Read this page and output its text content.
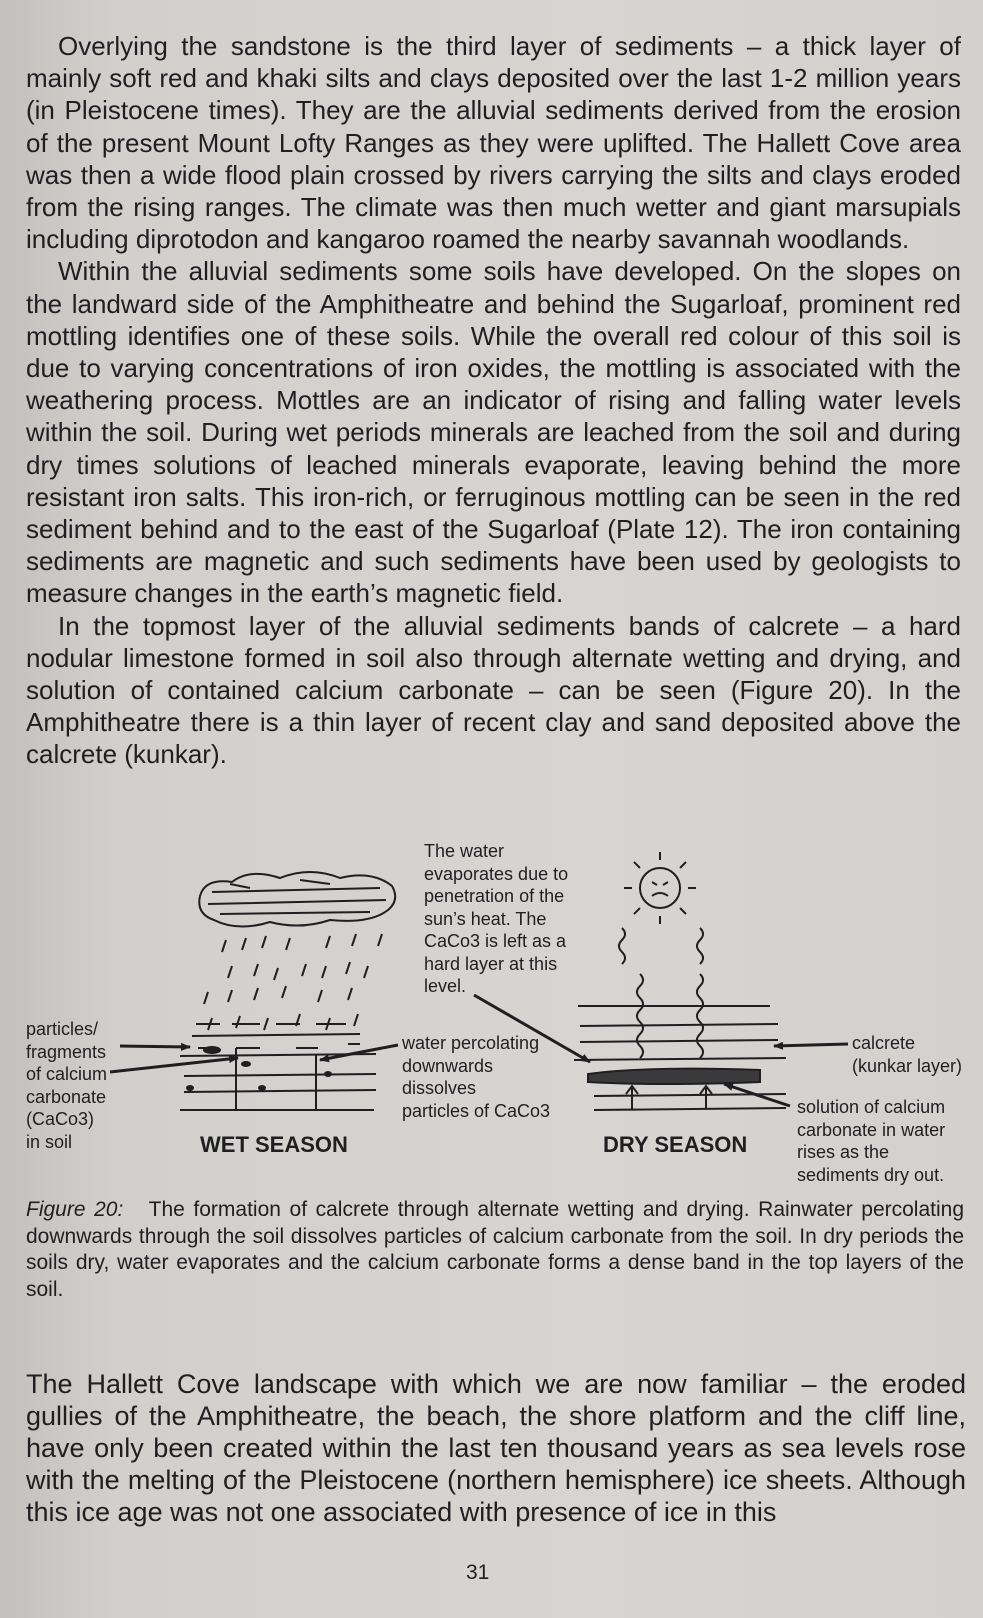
Overlying the sandstone is the third layer of sediments – a thick layer of mainly soft red and khaki silts and clays deposited over the last 1-2 million years (in Pleistocene times). They are the alluvial sediments derived from the erosion of the present Mount Lofty Ranges as they were uplifted. The Hallett Cove area was then a wide flood plain crossed by rivers carrying the silts and clays eroded from the rising ranges. The climate was then much wetter and giant marsupials including diprotodon and kangaroo roamed the nearby savannah woodlands.

Within the alluvial sediments some soils have developed. On the slopes on the landward side of the Amphitheatre and behind the Sugarloaf, prominent red mottling identifies one of these soils. While the overall red colour of this soil is due to varying concentrations of iron oxides, the mottling is associated with the weathering process. Mottles are an indicator of rising and falling water levels within the soil. During wet periods minerals are leached from the soil and during dry times solutions of leached minerals evaporate, leaving behind the more resistant iron salts. This iron-rich, or ferruginous mottling can be seen in the red sediment behind and to the east of the Sugarloaf (Plate 12). The iron containing sediments are magnetic and such sediments have been used by geologists to measure changes in the earth’s magnetic field.

In the topmost layer of the alluvial sediments bands of calcrete – a hard nodular limestone formed in soil also through alternate wetting and drying, and solution of contained calcium carbonate – can be seen (Figure 20). In the Amphitheatre there is a thin layer of recent clay and sand deposited above the calcrete (kunkar).

particles/
fragments
of calcium
carbonate
(CaCo3)
in soil
The water
evaporates due to
penetration of the
sun’s heat. The
CaCo3 is left as a
hard layer at this
level.
water percolating
downwards
dissolves
particles of CaCo3
calcrete
(kunkar layer)
solution of calcium
carbonate in water
rises as the
sediments dry out.
WET SEASON	DRY SEASON

Figure 20: The formation of calcrete through alternate wetting and drying. Rainwater percolating downwards through the soil dissolves particles of calcium carbonate from the soil. In dry periods the soils dry, water evaporates and the calcium carbonate forms a dense band in the top layers of the soil.

The Hallett Cove landscape with which we are now familiar – the eroded gullies of the Amphitheatre, the beach, the shore platform and the cliff line, have only been created within the last ten thousand years as sea levels rose with the melting of the Pleistocene (northern hemisphere) ice sheets. Although this ice age was not one associated with presence of ice in this

31
